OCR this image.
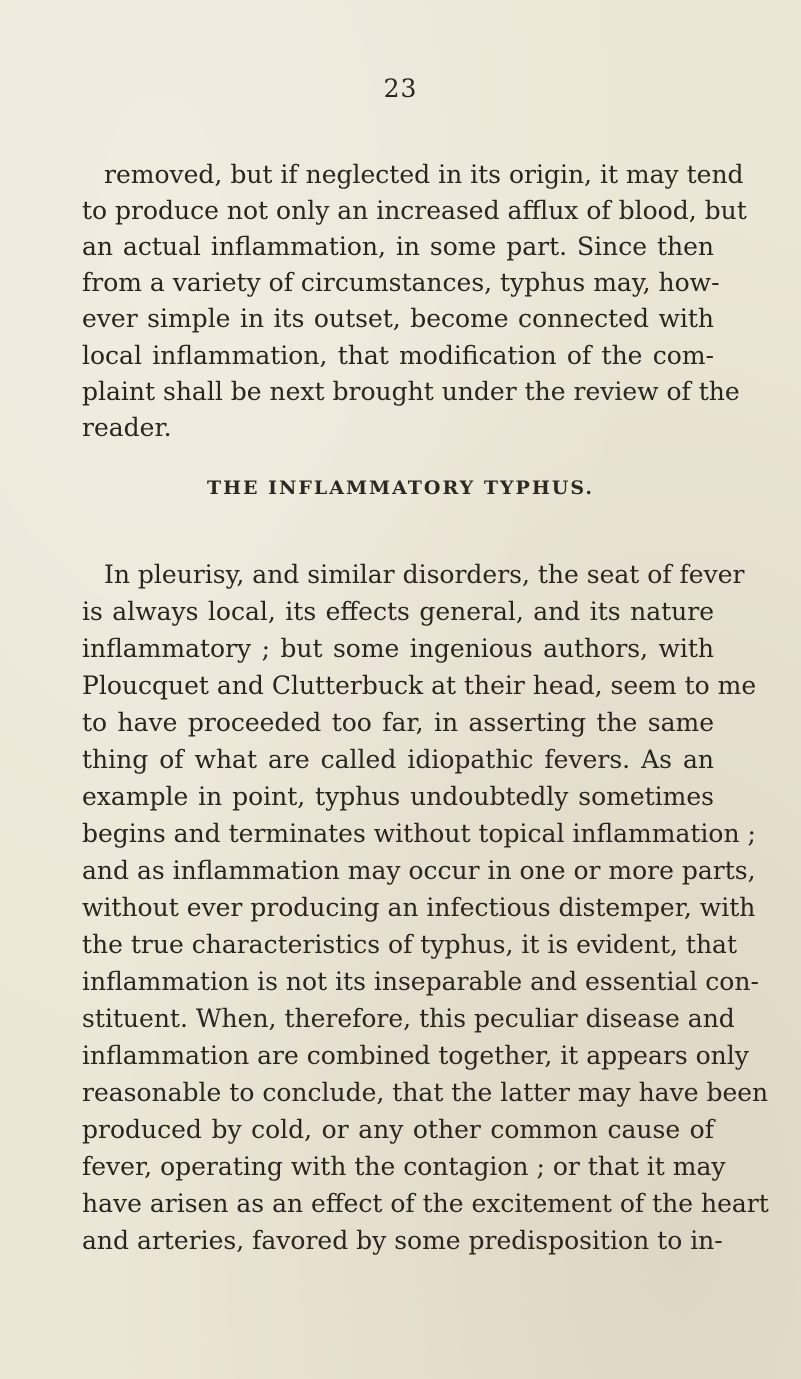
23
removed, but if neglected in its origin, it may tend
to produce not only an increased afflux of blood, but
an actual inflammation, in some part. Since then
from a variety of circumstances, typhus may, how-
ever simple in its outset, become connected with
local inflammation, that modification of the com-
plaint shall be next brought under the review of the
reader.
THE INFLAMMATORY TYPHUS.
In pleurisy, and similar disorders, the seat of fever
is always local, its effects general, and its nature
inflammatory ; but some ingenious authors, with
Ploucquet and Clutterbuck at their head, seem to me
to have proceeded too far, in asserting the same
thing of what are called idiopathic fevers. As an
example in point, typhus undoubtedly sometimes
begins and terminates without topical inflammation ;
and as inflammation may occur in one or more parts,
without ever producing an infectious distemper, with
the true characteristics of typhus, it is evident, that
inflammation is not its inseparable and essential con-
stituent. When, therefore, this peculiar disease and
inflammation are combined together, it appears only
reasonable to conclude, that the latter may have been
produced by cold, or any other common cause of
fever, operating with the contagion ; or that it may
have arisen as an effect of the excitement of the heart
and arteries, favored by some predisposition to in-
